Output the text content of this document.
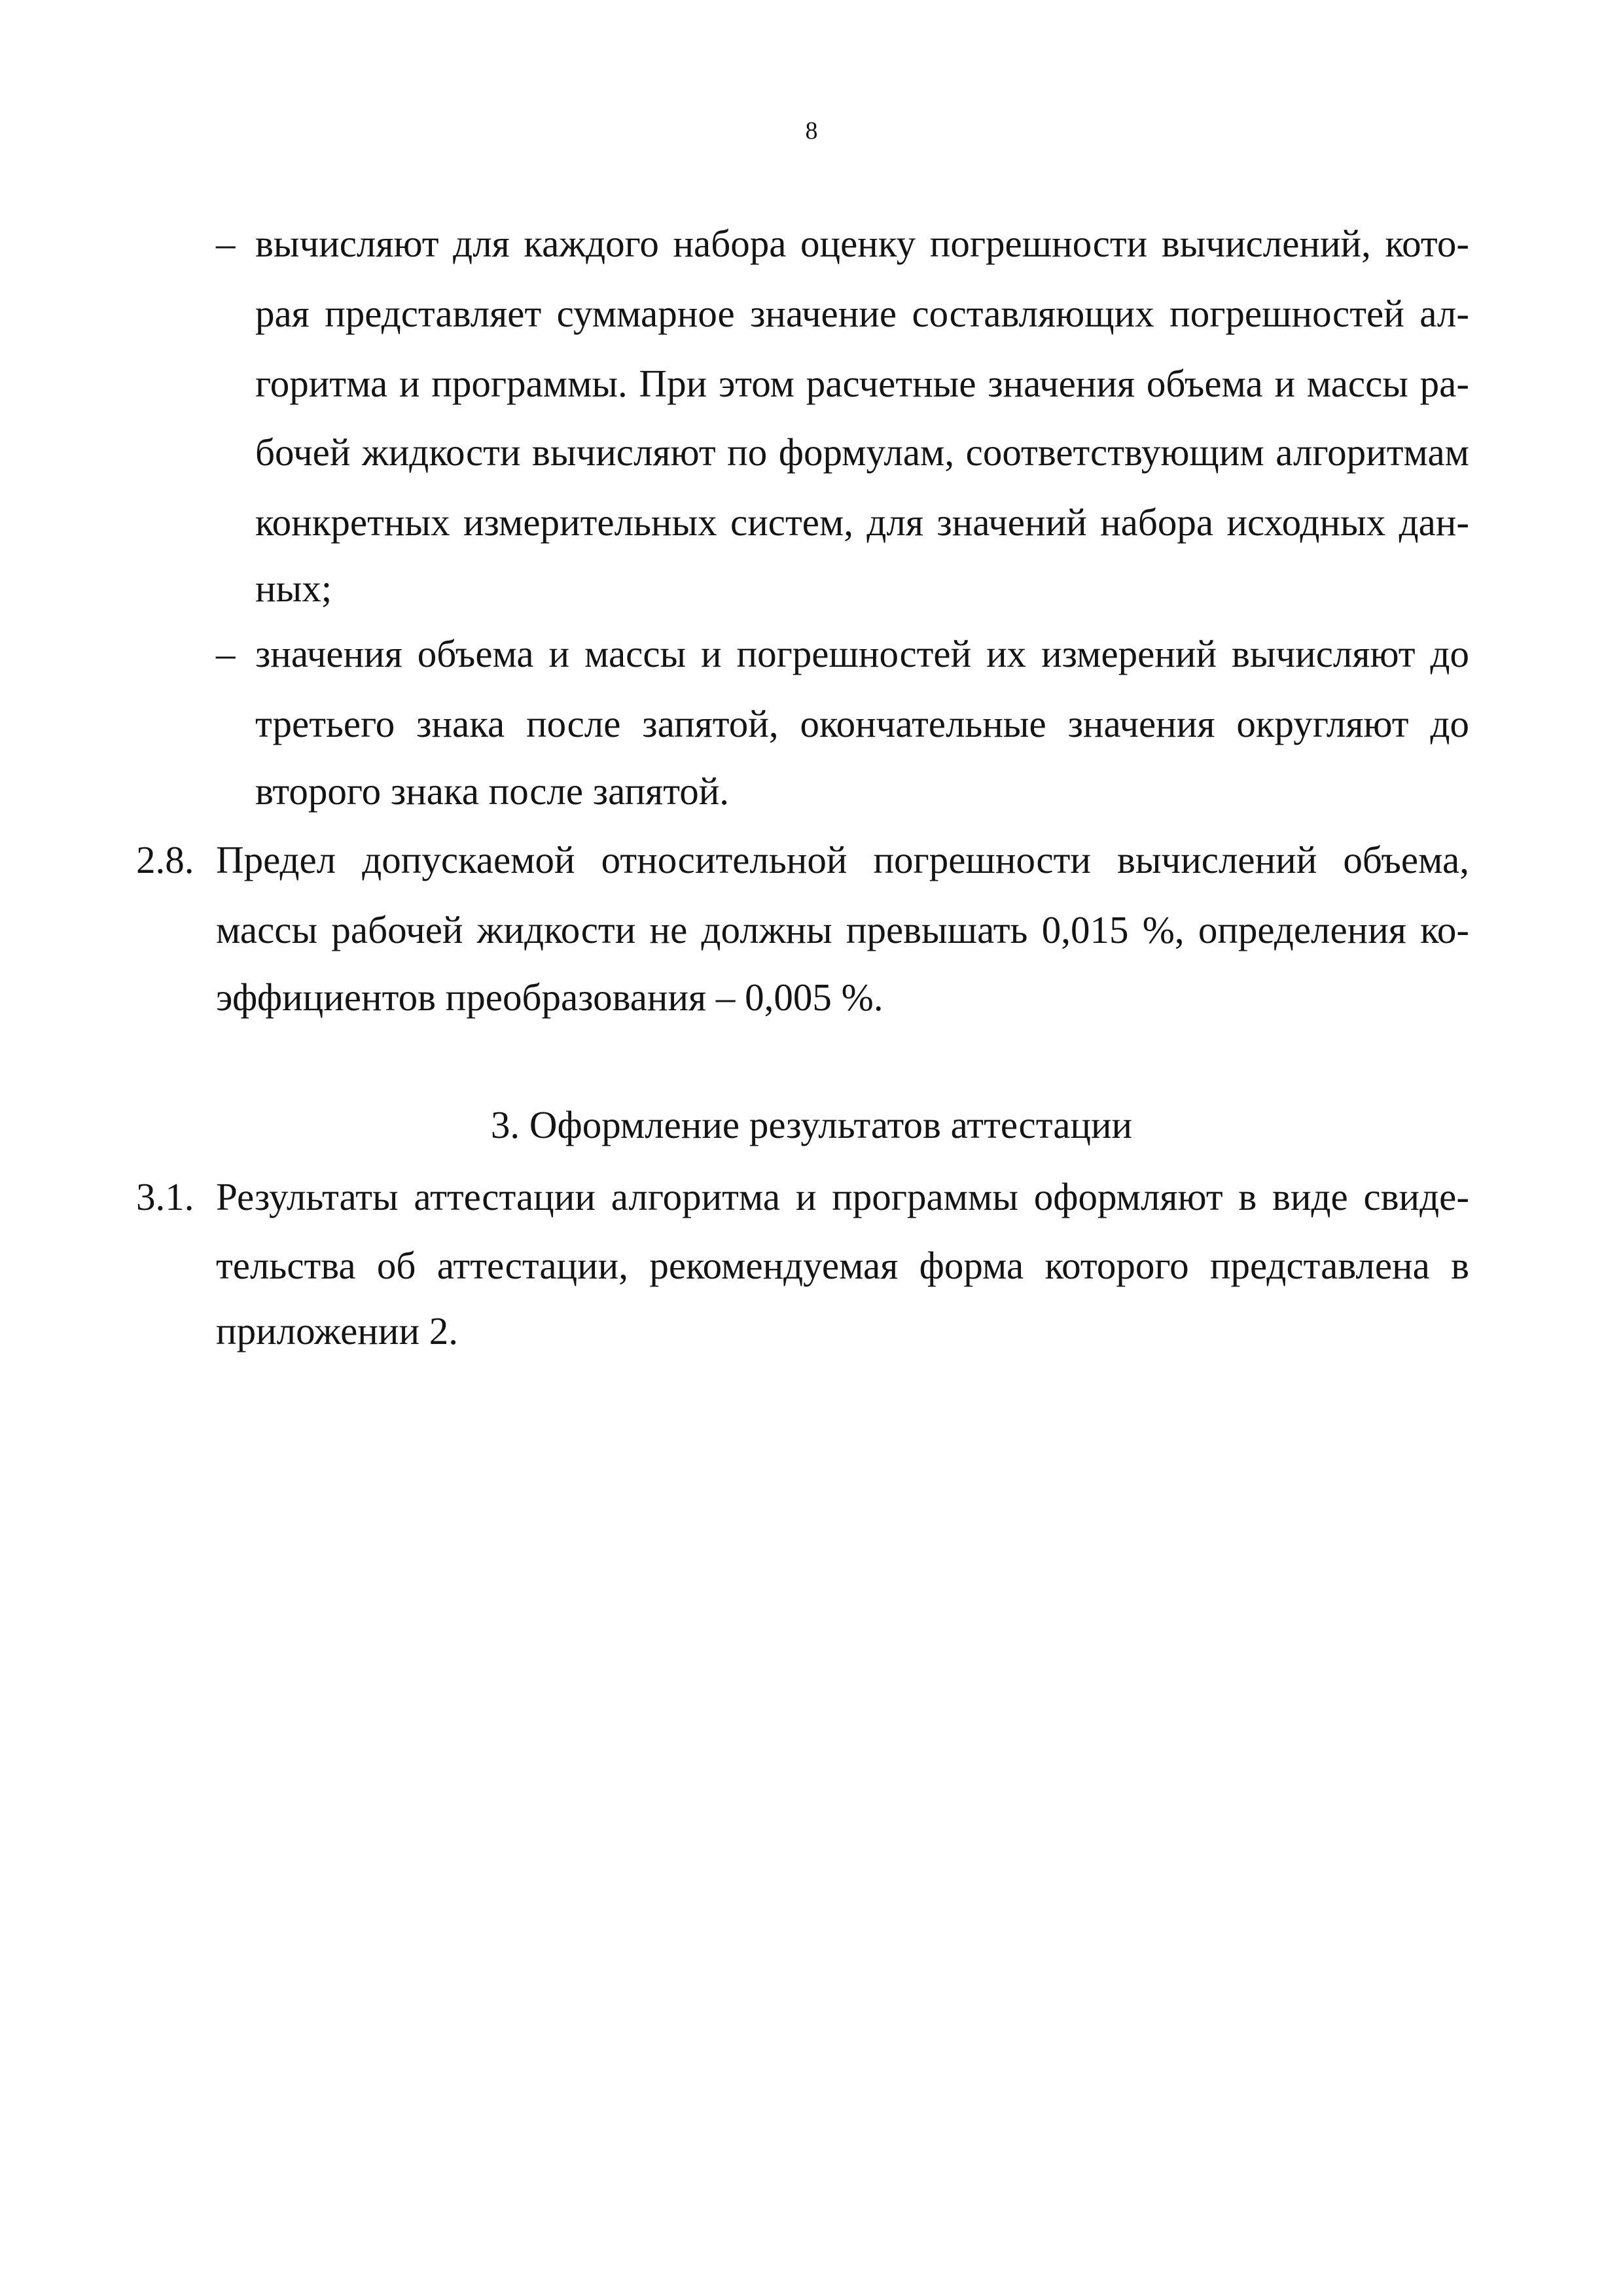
8
– вычисляют для каждого набора оценку погрешности вычислений, кото-
рая представляет суммарное значение составляющих погрешностей ал-
горитма и программы. При этом расчетные значения объема и массы ра-
бочей жидкости вычисляют по формулам, соответствующим алгоритмам
конкретных измерительных систем, для значений набора исходных дан-
ных;
– значения объема и массы и погрешностей их измерений вычисляют до
третьего знака после запятой, окончательные значения округляют до
второго знака после запятой.
2.8. Предел допускаемой относительной погрешности вычислений объема,
массы рабочей жидкости не должны превышать 0,015 %, определения ко-
эффициентов преобразования – 0,005 %.
3. Оформление результатов аттестации
3.1. Результаты аттестации алгоритма и программы оформляют в виде свиде-
тельства об аттестации, рекомендуемая форма которого представлена в
приложении 2.
